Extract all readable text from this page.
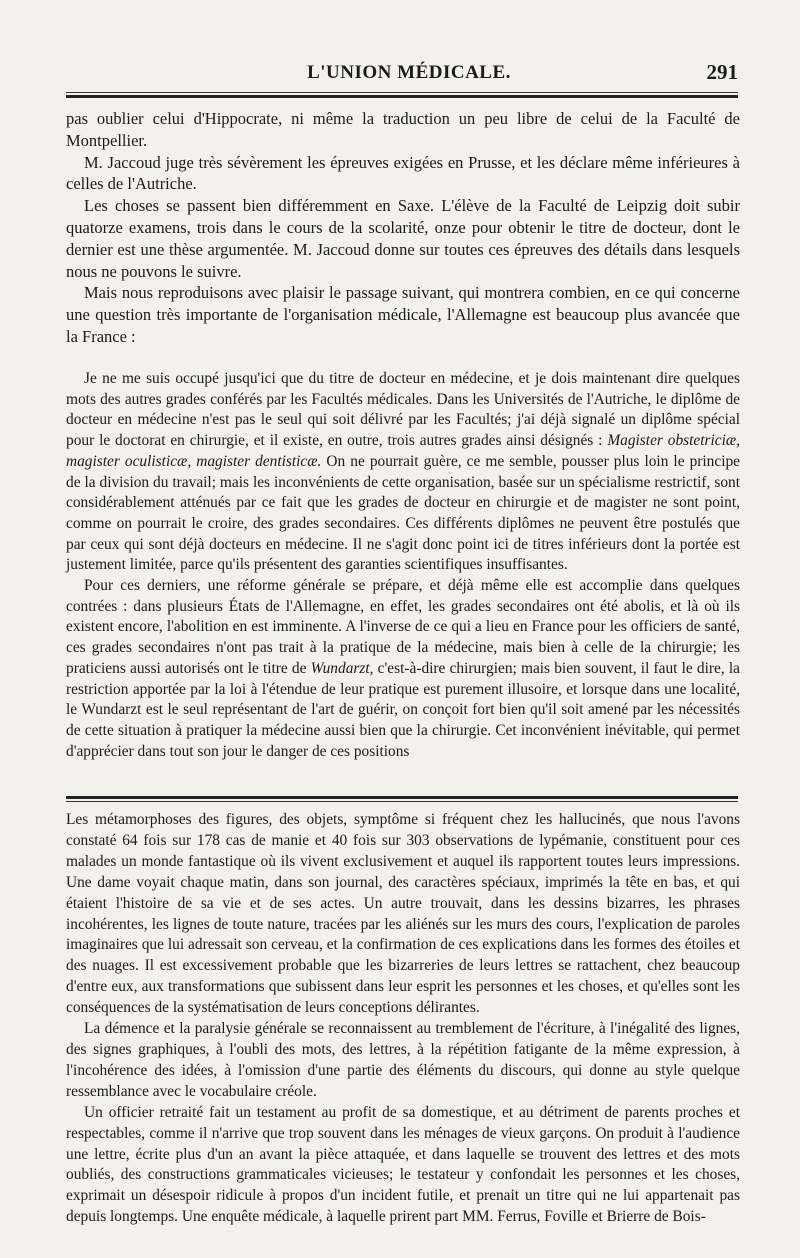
L'UNION MÉDICALE.	291

pas oublier celui d'Hippocrate, ni même la traduction un peu libre de celui de la Faculté de Montpellier.

M. Jaccoud juge très sévèrement les épreuves exigées en Prusse, et les déclare même inférieures à celles de l'Autriche.

Les choses se passent bien différemment en Saxe. L'élève de la Faculté de Leipzig doit subir quatorze examens, trois dans le cours de la scolarité, onze pour obtenir le titre de docteur, dont le dernier est une thèse argumentée. M. Jaccoud donne sur toutes ces épreuves des détails dans lesquels nous ne pouvons le suivre.

Mais nous reproduisons avec plaisir le passage suivant, qui montrera combien, en ce qui concerne une question très importante de l'organisation médicale, l'Allemagne est beaucoup plus avancée que la France :

Je ne me suis occupé jusqu'ici que du titre de docteur en médecine, et je dois maintenant dire quelques mots des autres grades conférés par les Facultés médicales. Dans les Universités de l'Autriche, le diplôme de docteur en médecine n'est pas le seul qui soit délivré par les Facultés; j'ai déjà signalé un diplôme spécial pour le doctorat en chirurgie, et il existe, en outre, trois autres grades ainsi désignés : Magister obstetriciæ, magister oculisticæ, magister dentisticæ. On ne pourrait guère, ce me semble, pousser plus loin le principe de la division du travail; mais les inconvénients de cette organisation, basée sur un spécialisme restrictif, sont considérablement atténués par ce fait que les grades de docteur en chirurgie et de magister ne sont point, comme on pourrait le croire, des grades secondaires. Ces différents diplômes ne peuvent être postulés que par ceux qui sont déjà docteurs en médecine. Il ne s'agit donc point ici de titres inférieurs dont la portée est justement limitée, parce qu'ils présentent des garanties scientifiques insuffisantes.

Pour ces derniers, une réforme générale se prépare, et déjà même elle est accomplie dans quelques contrées : dans plusieurs États de l'Allemagne, en effet, les grades secondaires ont été abolis, et là où ils existent encore, l'abolition en est imminente. A l'inverse de ce qui a lieu en France pour les officiers de santé, ces grades secondaires n'ont pas trait à la pratique de la médecine, mais bien à celle de la chirurgie; les praticiens aussi autorisés ont le titre de Wundarzt, c'est-à-dire chirurgien; mais bien souvent, il faut le dire, la restriction apportée par la loi à l'étendue de leur pratique est purement illusoire, et lorsque dans une localité, le Wundarzt est le seul représentant de l'art de guérir, on conçoit fort bien qu'il soit amené par les nécessités de cette situation à pratiquer la médecine aussi bien que la chirurgie. Cet inconvénient inévitable, qui permet d'apprécier dans tout son jour le danger de ces positions

Les métamorphoses des figures, des objets, symptôme si fréquent chez les hallucinés, que nous l'avons constaté 64 fois sur 178 cas de manie et 40 fois sur 303 observations de lypémanie, constituent pour ces malades un monde fantastique où ils vivent exclusivement et auquel ils rapportent toutes leurs impressions. Une dame voyait chaque matin, dans son journal, des caractères spéciaux, imprimés la tête en bas, et qui étaient l'histoire de sa vie et de ses actes. Un autre trouvait, dans les dessins bizarres, les phrases incohérentes, les lignes de toute nature, tracées par les aliénés sur les murs des cours, l'explication de paroles imaginaires que lui adressait son cerveau, et la confirmation de ces explications dans les formes des étoiles et des nuages. Il est excessivement probable que les bizarreries de leurs lettres se rattachent, chez beaucoup d'entre eux, aux transformations que subissent dans leur esprit les personnes et les choses, et qu'elles sont les conséquences de la systématisation de leurs conceptions délirantes.

La démence et la paralysie générale se reconnaissent au tremblement de l'écriture, à l'inégalité des lignes, des signes graphiques, à l'oubli des mots, des lettres, à la répétition fatigante de la même expression, à l'incohérence des idées, à l'omission d'une partie des éléments du discours, qui donne au style quelque ressemblance avec le vocabulaire créole.

Un officier retraité fait un testament au profit de sa domestique, et au détriment de parents proches et respectables, comme il n'arrive que trop souvent dans les ménages de vieux garçons. On produit à l'audience une lettre, écrite plus d'un an avant la pièce attaquée, et dans laquelle se trouvent des lettres et des mots oubliés, des constructions grammaticales vicieuses; le testateur y confondait les personnes et les choses, exprimait un désespoir ridicule à propos d'un incident futile, et prenait un titre qui ne lui appartenait pas depuis longtemps. Une enquête médicale, à laquelle prirent part MM. Ferrus, Foville et Brierre de Bois-
